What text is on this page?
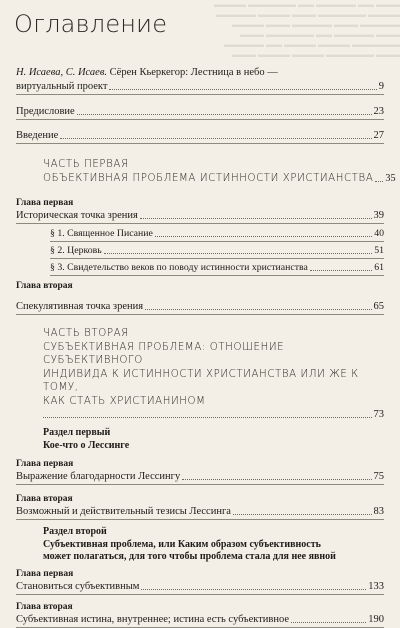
▬▬▬ ▬▬ ▬▬▬▬▬ ▬▬ ▬▬▬▬▬▬ ▬▬▬▬
▬▬▬▬ ▬▬▬▬▬▬ ▬▬▬ ▬▬▬▬ ▬▬▬▬▬
▬▬▬▬▬ ▬▬▬ ▬▬▬▬▬ ▬▬▬ ▬▬▬▬
▬▬▬ ▬▬▬▬▬ ▬▬ ▬▬▬▬▬▬ ▬▬▬
▬▬▬▬▬▬ ▬▬▬▬ ▬▬▬▬ ▬▬ ▬▬▬▬▬
▬▬▬ ▬▬▬▬▬▬ ▬▬▬▬ ▬▬▬▬ ▬▬▬
Оглавление
Н. Исаева, С. Исаев. Сёрен Кьеркегор: Лестница в небо —
виртуальный проект	9
Предисловие	23
Введение	27
ЧАСТЬ ПЕРВАЯ
ОБЪЕКТИВНАЯ ПРОБЛЕМА ИСТИННОСТИ ХРИСТИАНСТВА 35
Глава первая
Историческая точка зрения	39
§ 1. Священное Писание	40
§ 2. Церковь	51
§ 3. Свидетельство веков по поводу истинности христианства	61
Глава вторая
Спекулятивная точка зрения	65
ЧАСТЬ ВТОРАЯ
СУБЪЕКТИВНАЯ ПРОБЛЕМА: ОТНОШЕНИЕ СУБЪЕКТИВНОГО
ИНДИВИДА К ИСТИННОСТИ ХРИСТИАНСТВА ИЛИ ЖЕ К ТОМУ,
КАК СТАТЬ ХРИСТИАНИНОМ
73
Раздел первый
Кое-что о Лессинге
Глава первая
Выражение благодарности Лессингу	75
Глава вторая
Возможный и действительный тезисы Лессинга	83
Раздел второй
Субъективная проблема, или Каким образом субъективность
может полагаться, для того чтобы проблема стала для нее явной
Глава первая
Становиться субъективным	133
Глава вторая
Субъективная истина, внутреннее; истина есть субъективное	190
